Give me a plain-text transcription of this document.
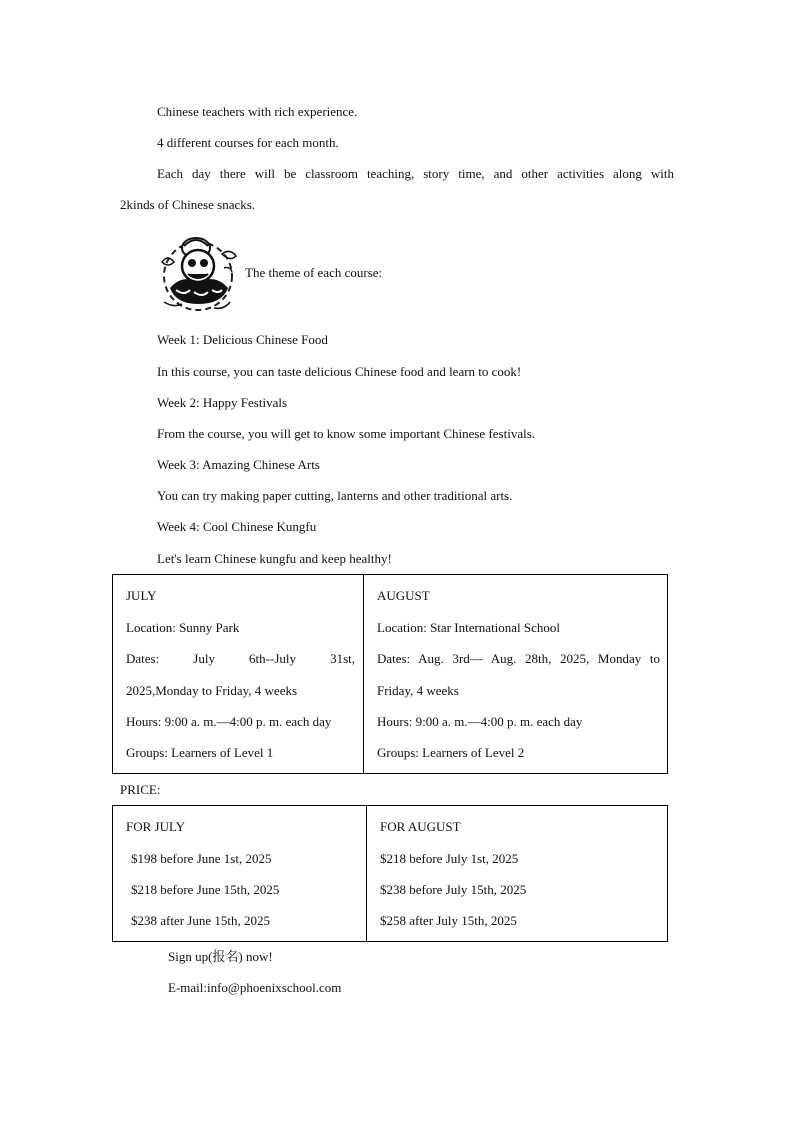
Chinese teachers with rich experience.
4 different courses for each month.
Each day there will be classroom teaching, story time, and other activities along with
2kinds of Chinese snacks.
The theme of each course:
Week 1: Delicious Chinese Food
In this course, you can taste delicious Chinese food and learn to cook!
Week 2: Happy Festivals
From the course, you will get to know some important Chinese festivals.
Week 3: Amazing Chinese Arts
You can try making paper cutting, lanterns and other traditional arts.
Week 4: Cool Chinese Kungfu
Let's learn Chinese kungfu and keep healthy!
JULY
Location: Sunny Park
Dates: July 6th--July 31st,
2025,Monday to Friday, 4 weeks
Hours: 9:00 a. m.—4:00 p. m. each day
Groups: Learners of Level 1
AUGUST
Location: Star International School
Dates: Aug. 3rd— Aug. 28th, 2025, Monday to
Friday, 4 weeks
Hours: 9:00 a. m.—4:00 p. m. each day
Groups: Learners of Level 2
PRICE:
FOR JULY
$198 before June 1st, 2025
$218 before June 15th, 2025
$238 after June 15th, 2025
FOR AUGUST
$218 before July 1st, 2025
$238 before July 15th, 2025
$258 after July 15th, 2025
Sign up(报名) now!
E-mail:info@phoenixschool.com
